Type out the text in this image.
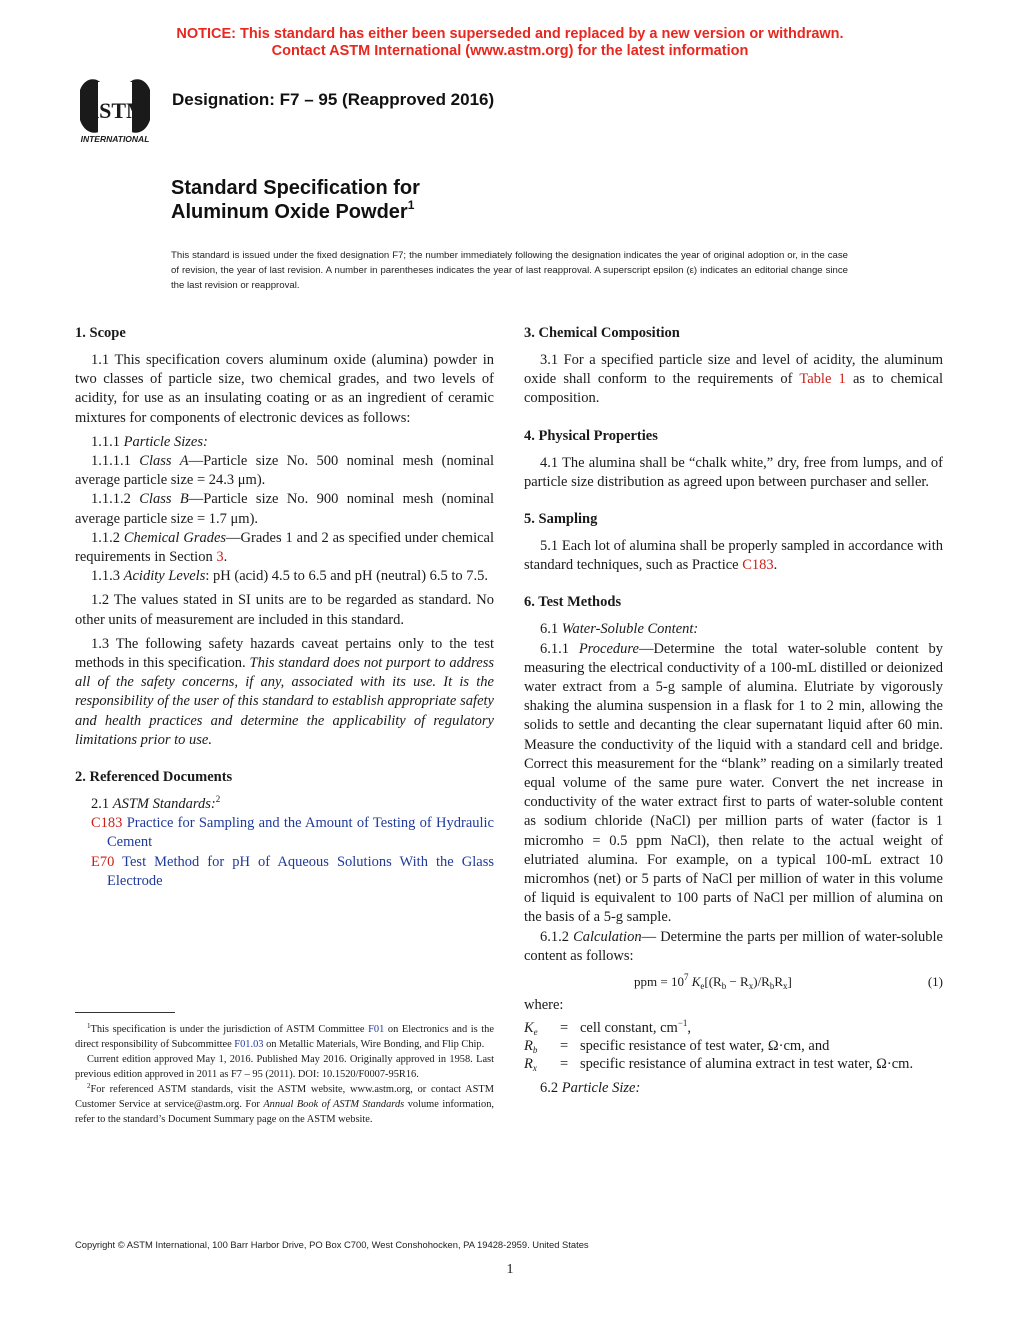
NOTICE: This standard has either been superseded and replaced by a new version or withdrawn.
Contact ASTM International (www.astm.org) for the latest information
ASTM
INTERNATIONAL
Designation: F7 – 95 (Reapproved 2016)
Standard Specification for
Aluminum Oxide Powder$^1$
This standard is issued under the fixed designation F7; the number immediately following the designation indicates the year of original adoption or, in the case of revision, the year of last revision. A number in parentheses indicates the year of last reapproval. A superscript epsilon (ε) indicates an editorial change since the last revision or reapproval.
1. Scope

1.1 This specification covers aluminum oxide (alumina) powder in two classes of particle size, two chemical grades, and two levels of acidity, for use as an insulating coating or as an ingredient of ceramic mixtures for components of electronic devices as follows:

1.1.1 Particle Sizes:

1.1.1.1 Class A—Particle size No. 500 nominal mesh (nominal average particle size = 24.3 μm).

1.1.1.2 Class B—Particle size No. 900 nominal mesh (nominal average particle size = 1.7 μm).

1.1.2 Chemical Grades—Grades 1 and 2 as specified under chemical requirements in Section 3.

1.1.3 Acidity Levels: pH (acid) 4.5 to 6.5 and pH (neutral) 6.5 to 7.5.

1.2 The values stated in SI units are to be regarded as standard. No other units of measurement are included in this standard.

1.3 The following safety hazards caveat pertains only to the test methods in this specification. This standard does not purport to address all of the safety concerns, if any, associated with its use. It is the responsibility of the user of this standard to establish appropriate safety and health practices and determine the applicability of regulatory limitations prior to use.

2. Referenced Documents

2.1 ASTM Standards:$^2$

C183 Practice for Sampling and the Amount of Testing of Hydraulic Cement

E70 Test Method for pH of Aqueous Solutions With the Glass Electrode

$^1$This specification is under the jurisdiction of ASTM Committee F01 on Electronics and is the direct responsibility of Subcommittee F01.03 on Metallic Materials, Wire Bonding, and Flip Chip.

Current edition approved May 1, 2016. Published May 2016. Originally approved in 1958. Last previous edition approved in 2011 as F7 – 95 (2011). DOI: 10.1520/F0007-95R16.

$^2$For referenced ASTM standards, visit the ASTM website, www.astm.org, or contact ASTM Customer Service at service@astm.org. For Annual Book of ASTM Standards volume information, refer to the standard’s Document Summary page on the ASTM website.

3. Chemical Composition

3.1 For a specified particle size and level of acidity, the aluminum oxide shall conform to the requirements of Table 1 as to chemical composition.

4. Physical Properties

4.1 The alumina shall be “chalk white,” dry, free from lumps, and of particle size distribution as agreed upon between purchaser and seller.

5. Sampling

5.1 Each lot of alumina shall be properly sampled in accordance with standard techniques, such as Practice C183.

6. Test Methods

6.1 Water-Soluble Content:

6.1.1 Procedure—Determine the total water-soluble content by measuring the electrical conductivity of a 100-mL distilled or deionized water extract from a 5-g sample of alumina. Elutriate by vigorously shaking the alumina suspension in a flask for 1 to 2 min, allowing the solids to settle and decanting the clear supernatant liquid after 60 min. Measure the conductivity of the liquid with a standard cell and bridge. Correct this measurement for the “blank” reading on a similarly treated equal volume of the same pure water. Convert the net increase in conductivity of the water extract first to parts of water-soluble content as sodium chloride (NaCl) per million parts of water (factor is 1 micromho = 0.5 ppm NaCl), then relate to the actual weight of elutriated alumina. For example, on a typical 100-mL extract 10 micromhos (net) or 5 parts of NaCl per million of water in this volume of liquid is equivalent to 100 parts of NaCl per million of alumina on the basis of a 5-g sample.

6.1.2 Calculation— Determine the parts per million of water-soluble content as follows:

ppm = $10^7$ $K_e[(R_b - R_x)/R_bR_x]$	(1)

where:

$K_e$	= cell constant, $cm^{-1}$,
$R_b$	= specific resistance of test water, Ω·cm, and
$R_x$	= specific resistance of alumina extract in test water, Ω·cm.

6.2 Particle Size:

Copyright © ASTM International, 100 Barr Harbor Drive, PO Box C700, West Conshohocken, PA 19428-2959. United States
1
